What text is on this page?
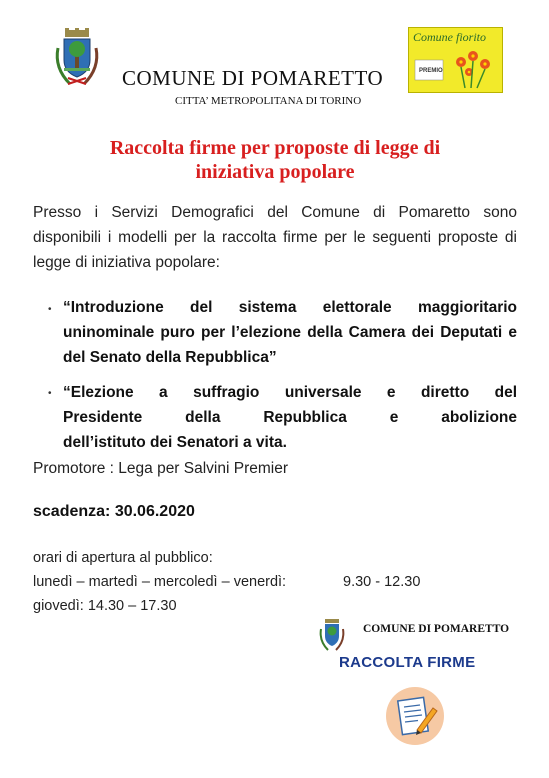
COMUNE DI POMARETTO
CITTA’ METROPOLITANA DI TORINO
Comune fiorito
PREMIO
Raccolta firme per proposte di legge di
iniziativa popolare
Presso i Servizi Demografici del Comune di Pomaretto sono disponibili i modelli per la raccolta firme per le seguenti proposte di legge di iniziativa popolare:
• “Introduzione del sistema elettorale maggioritario uninominale puro per l’elezione della Camera dei Deputati e del Senato della Repubblica”
• “Elezione a suffragio universale e diretto del
Presidente della Repubblica e abolizione
dell’istituto dei Senatori a vita.
Promotore : Lega per Salvini Premier
scadenza: 30.06.2020
orari di apertura al pubblico:
lunedì – martedì – mercoledì – venerdì:	9.30 - 12.30
giovedì: 14.30 – 17.30
COMUNE DI POMARETTO
RACCOLTA FIRME
